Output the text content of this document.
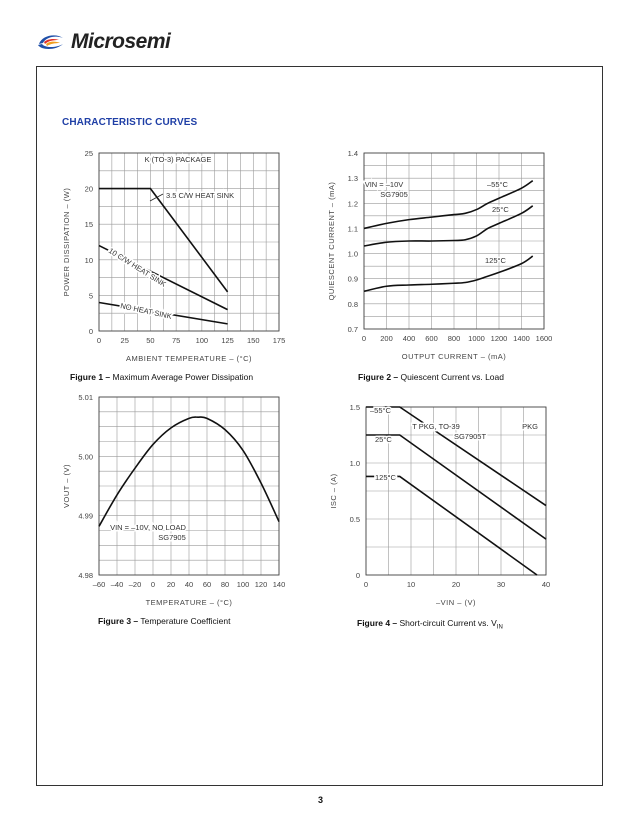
Microsemi
CHARACTERISTIC CURVES
0	25 50 75 100 125 150 175
0
5
10
15
20
25
AMBIENT TEMPERATURE – (°C)
POWER DISSIPATION – (W)	3.5 C/W HEAT SINK
10 C/W HEAT SINK
NO HEAT SINK
K (TO-3) PACKAGE
Figure 1 – Maximum Average Power Dissipation
0 200 400 600 800 1000 1200 1400 1600
0.7
0.8
0.9
1.0
1.1
1.2
1.3
1.4
OUTPUT CURRENT – (mA)
QUIESCENT CURRENT – (mA)	–55°C
25°C
125°C
VIN = –10V
SG7905
Figure 2 – Quiescent Current vs. Load
–60 –40 –20 0 20 40 60 80 100 120 140
4.98
4.99
5.00
5.01
TEMPERATURE – (°C)
VOUT – (V)
VIN = –10V, NO LOAD
SG7905
Figure 3 – Temperature Coefficient
0	10	20	30	40
0
0.5
1.0
1.5
–VIN – (V)
ISC – (A)
–55°C
25°C
125°C
T PKG, TO-39
SG7905T
PKG
Figure 4 – Short-circuit Current vs. $V_{IN}$
3
